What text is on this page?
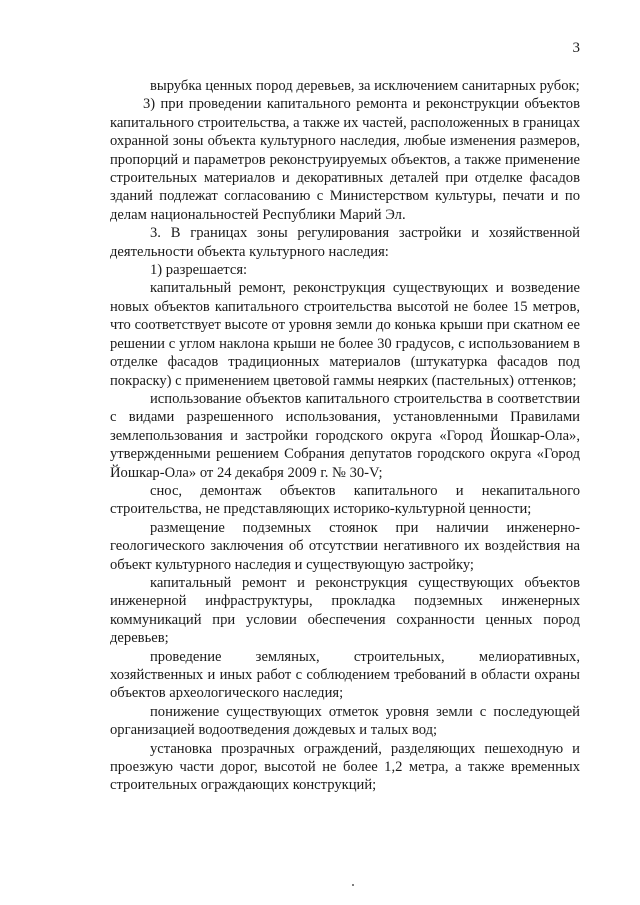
3

вырубка ценных пород деревьев, за исключением санитарных рубок;

3) при проведении капитального ремонта и реконструкции объектов капитального строительства, а также их частей, расположенных в границах охранной зоны объекта культурного наследия, любые изменения размеров, пропорций и параметров реконструируемых объектов, а также применение строительных материалов и декоративных деталей при отделке фасадов зданий подлежат согласованию с Министерством культуры, печати и по делам национальностей Республики Марий Эл.

3. В границах зоны регулирования застройки и хозяйственной деятельности объекта культурного наследия:

1) разрешается:

капитальный ремонт, реконструкция существующих и возведение новых объектов капитального строительства высотой не более 15 метров, что соответствует высоте от уровня земли до конька крыши при скатном ее решении с углом наклона крыши не более 30 градусов, с использованием в отделке фасадов традиционных материалов (штукатурка фасадов под покраску) с применением цветовой гаммы неярких (пастельных) оттенков;

использование объектов капитального строительства в соответствии с видами разрешенного использования, установленными Правилами землепользования и застройки городского округа «Город Йошкар-Ола», утвержденными решением Собрания депутатов городского округа «Город Йошкар-Ола» от 24 декабря 2009 г. № 30-V;

снос, демонтаж объектов капитального и некапитального строительства, не представляющих историко-культурной ценности;

размещение подземных стоянок при наличии инженерно-геологического заключения об отсутствии негативного их воздействия на объект культурного наследия и существующую застройку;

капитальный ремонт и реконструкция существующих объектов инженерной инфраструктуры, прокладка подземных инженерных коммуникаций при условии обеспечения сохранности ценных пород деревьев;

проведение земляных, строительных, мелиоративных, хозяйственных и иных работ с соблюдением требований в области охраны объектов археологического наследия;

понижение существующих отметок уровня земли с последующей организацией водоотведения дождевых и талых вод;

установка прозрачных ограждений, разделяющих пешеходную и проезжую части дорог, высотой не более 1,2 метра, а также временных строительных ограждающих конструкций;
